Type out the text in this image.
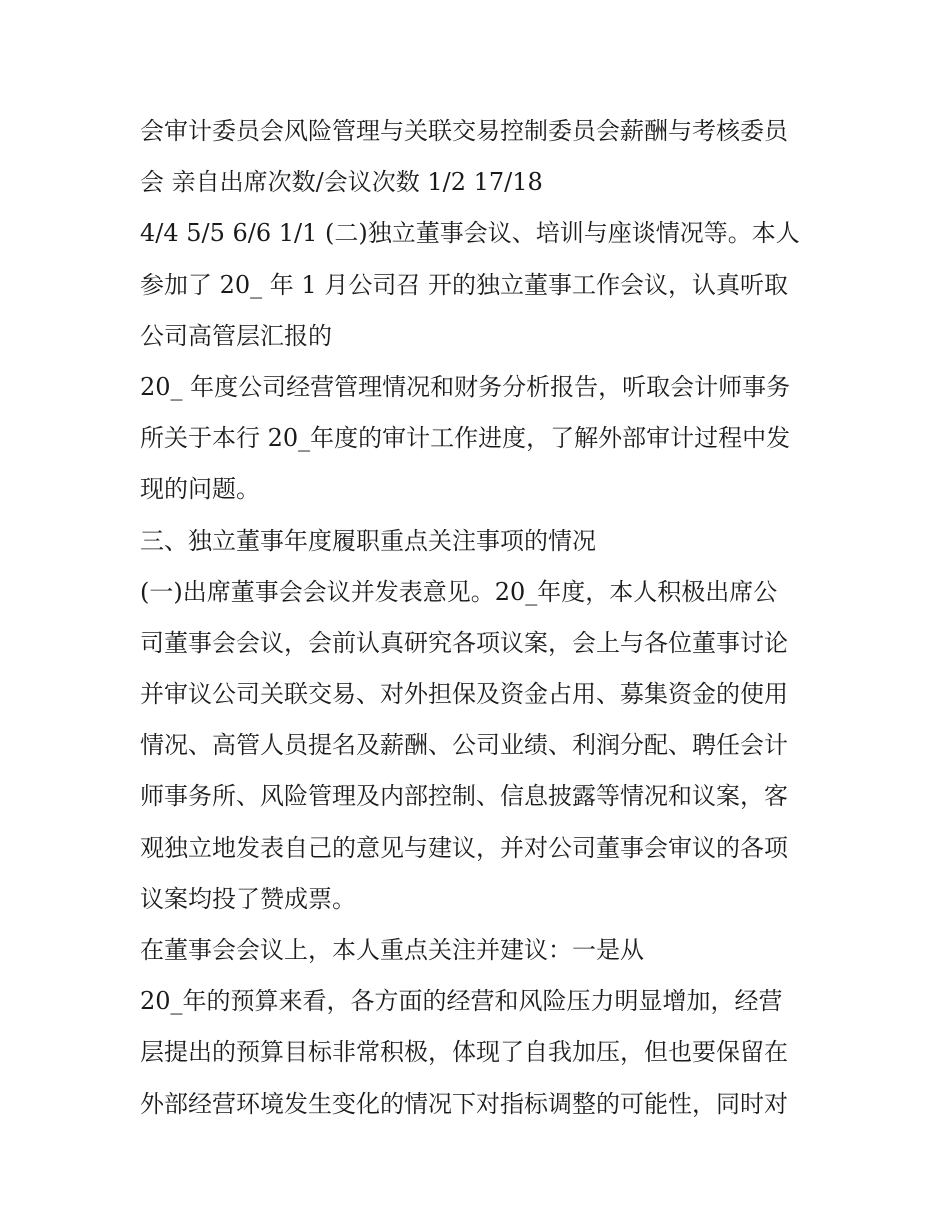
会审计委员会风险管理与关联交易控制委员会薪酬与考核委员
会 亲自出席次数/会议次数 1/2 17/18
4/4 5/5 6/6 1/1 (二)独立董事会议、培训与座谈情况等。本人
参加了 20_ 年 1 月公司召 开的独立董事工作会议，认真听取
公司高管层汇报的
20_ 年度公司经营管理情况和财务分析报告，听取会计师事务
所关于本行 20_年度的审计工作进度，了解外部审计过程中发
现的问题。
三、独立董事年度履职重点关注事项的情况
(一)出席董事会会议并发表意见。20_年度，本人积极出席公
司董事会会议，会前认真研究各项议案，会上与各位董事讨论
并审议公司关联交易、对外担保及资金占用、募集资金的使用
情况、高管人员提名及薪酬、公司业绩、利润分配、聘任会计
师事务所、风险管理及内部控制、信息披露等情况和议案，客
观独立地发表自己的意见与建议，并对公司董事会审议的各项
议案均投了赞成票。
在董事会会议上，本人重点关注并建议：一是从
20_年的预算来看，各方面的经营和风险压力明显增加，经营
层提出的预算目标非常积极，体现了自我加压，但也要保留在
外部经营环境发生变化的情况下对指标调整的可能性，同时对
